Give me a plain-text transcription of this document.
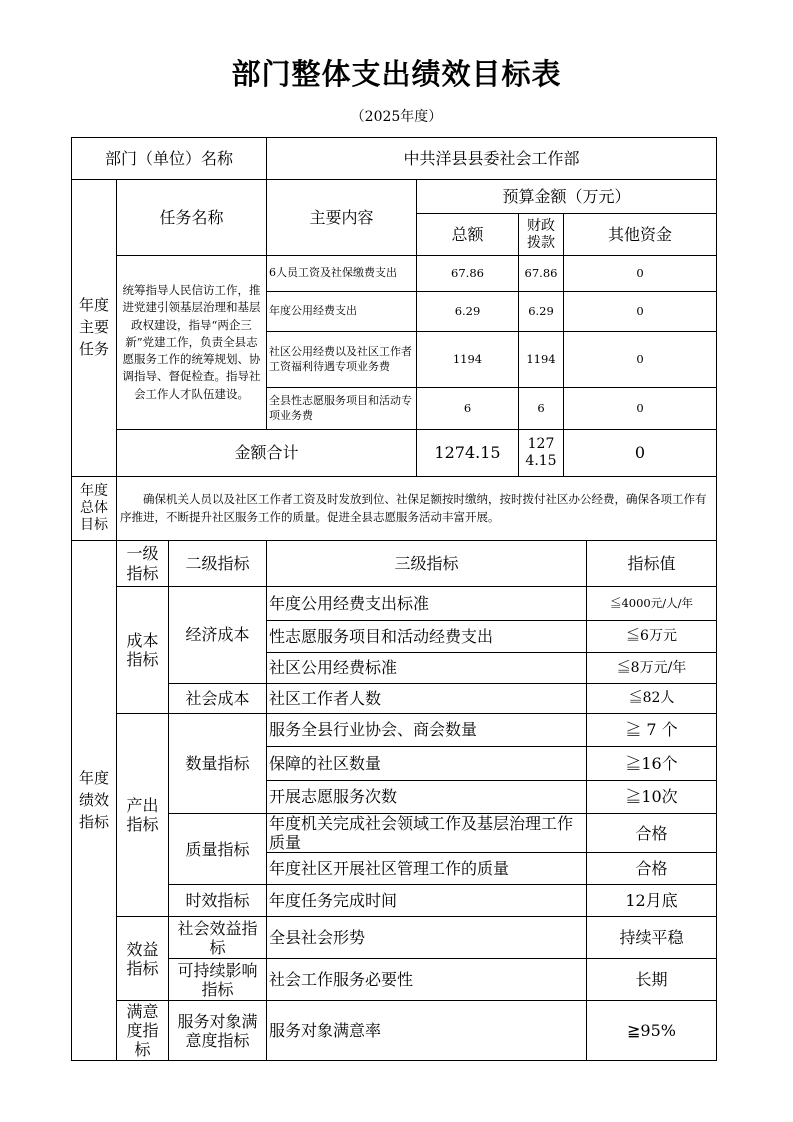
部门整体支出绩效目标表
（2025年度）
部门（单位）名称			中共洋县县委社会工作部				
年度主要任务	任务名称		主要内容	预算金额（万元）			
				总额	财政拨款	其他资金	
	统筹指导人民信访工作，推进党建引领基层治理和基层政权建设，指导“两企三新”党建工作，负责全县志愿服务工作的统筹规划、协调指导、督促检查。指导社会工作人才队伍建设。		6人员工资及社保缴费支出	67.86	67.86	0	
			年度公用经费支出	6.29	6.29	0	
			社区公用经费以及社区工作者工资福利待遇专项业务费	1194	1194	0	
			全县性志愿服务项目和活动专项业务费	6	6	0	
	金额合计			1274.15	1274.15	0	
年度总体目标	确保机关人员以及社区工作者工资及时发放到位、社保足额按时缴纳，按时拨付社区办公经费，确保各项工作有序推进，不断提升社区服务工作的质量。促进全县志愿服务活动丰富开展。						
年度绩效指标	一级指标	二级指标	三级指标				指标值
	成本指标	经济成本	年度公用经费支出标准				≦4000元/人/年
			性志愿服务项目和活动经费支出				≦6万元
			社区公用经费标准				≦8万元/年
		社会成本	社区工作者人数				≦82人
	产出指标	数量指标	服务全县行业协会、商会数量				≧ 7 个
			保障的社区数量				≧16个
			开展志愿服务次数				≧10次
		质量指标	年度机关完成社会领域工作及基层治理工作质量				合格
			年度社区开展社区管理工作的质量				合格
		时效指标	年度任务完成时间				12月底
	效益指标	社会效益指标	全县社会形势				持续平稳
		可持续影响指标	社会工作服务必要性				长期
	满意度指标	服务对象满意度指标	服务对象满意率				≧95%
